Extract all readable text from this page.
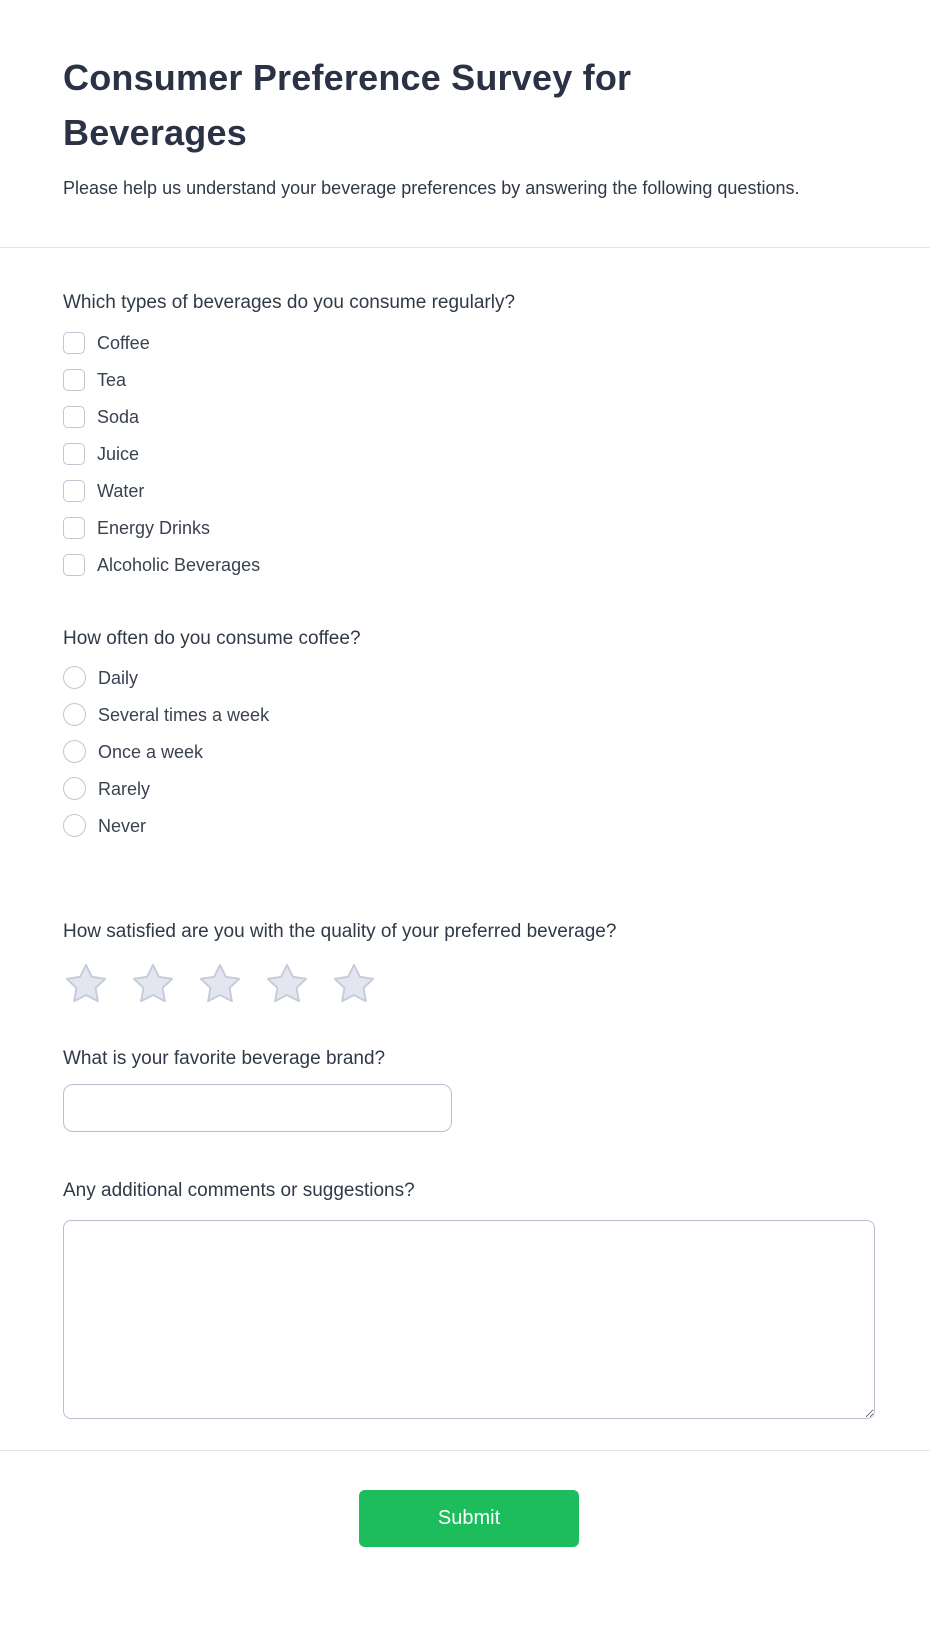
Consumer Preference Survey for Beverages

Please help us understand your beverage preferences by answering the following questions.

Which types of beverages do you consume regularly?
Coffee
Tea
Soda
Juice
Water
Energy Drinks
Alcoholic Beverages
How often do you consume coffee?
Daily
Several times a week
Once a week
Rarely
Never
How satisfied are you with the quality of your preferred beverage?
What is your favorite beverage brand?
Any additional comments or suggestions?
Submit
